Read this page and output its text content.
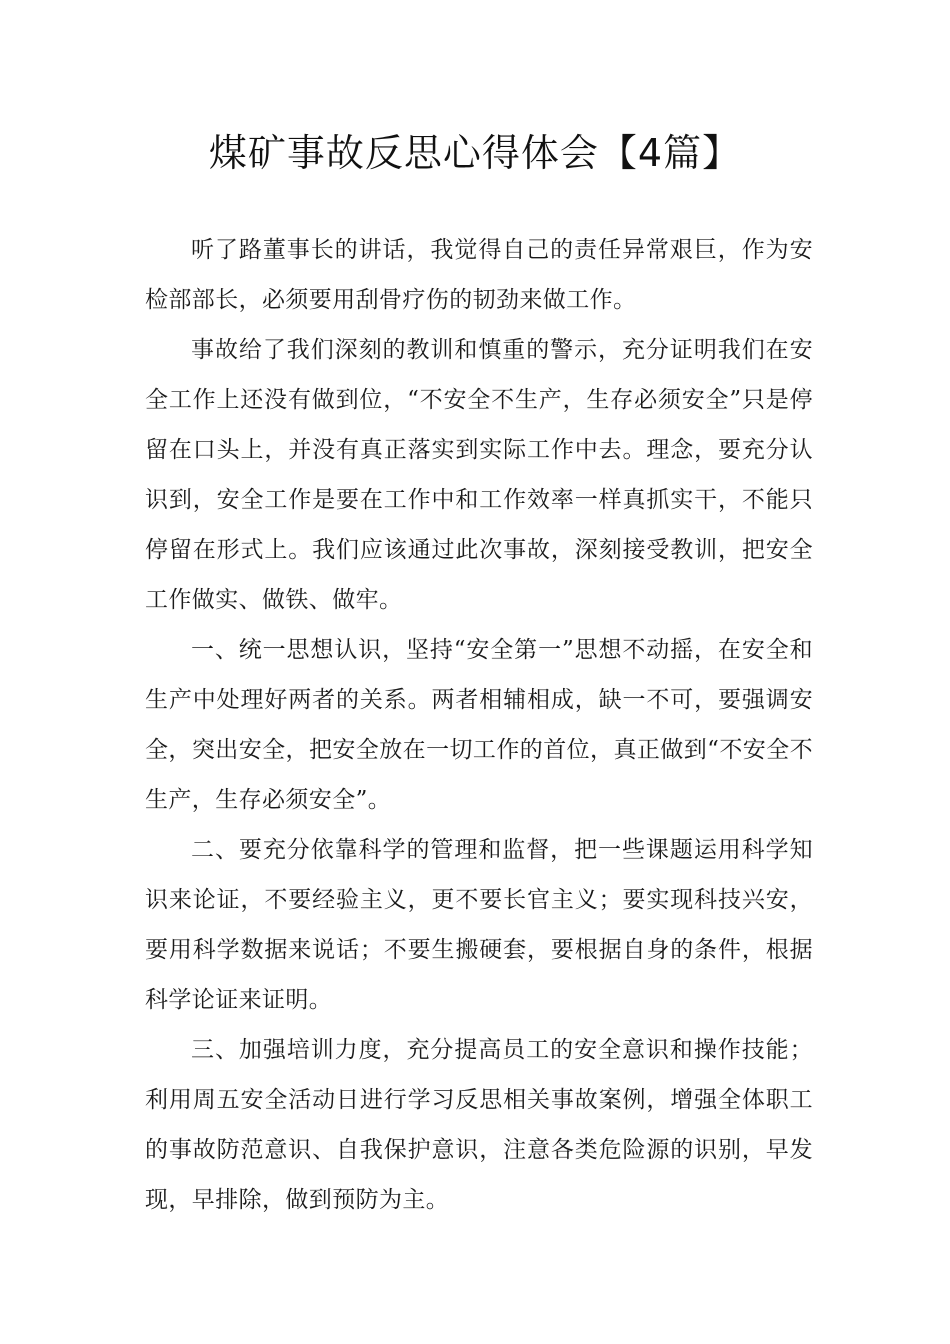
煤矿事故反思心得体会【4篇】

听了路董事长的讲话，我觉得自己的责任异常艰巨，作为安检部部长，必须要用刮骨疗伤的韧劲来做工作。

事故给了我们深刻的教训和慎重的警示，充分证明我们在安全工作上还没有做到位，“不安全不生产，生存必须安全”只是停留在口头上，并没有真正落实到实际工作中去。理念，要充分认识到，安全工作是要在工作中和工作效率一样真抓实干，不能只停留在形式上。我们应该通过此次事故，深刻接受教训，把安全工作做实、做铁、做牢。

一、统一思想认识，坚持“安全第一”思想不动摇，在安全和生产中处理好两者的关系。两者相辅相成，缺一不可，要强调安全，突出安全，把安全放在一切工作的首位，真正做到“不安全不生产，生存必须安全”。

二、要充分依靠科学的管理和监督，把一些课题运用科学知识来论证，不要经验主义，更不要长官主义；要实现科技兴安，要用科学数据来说话；不要生搬硬套，要根据自身的条件，根据科学论证来证明。

三、加强培训力度，充分提高员工的安全意识和操作技能；利用周五安全活动日进行学习反思相关事故案例，增强全体职工的事故防范意识、自我保护意识，注意各类危险源的识别，早发现，早排除，做到预防为主。
